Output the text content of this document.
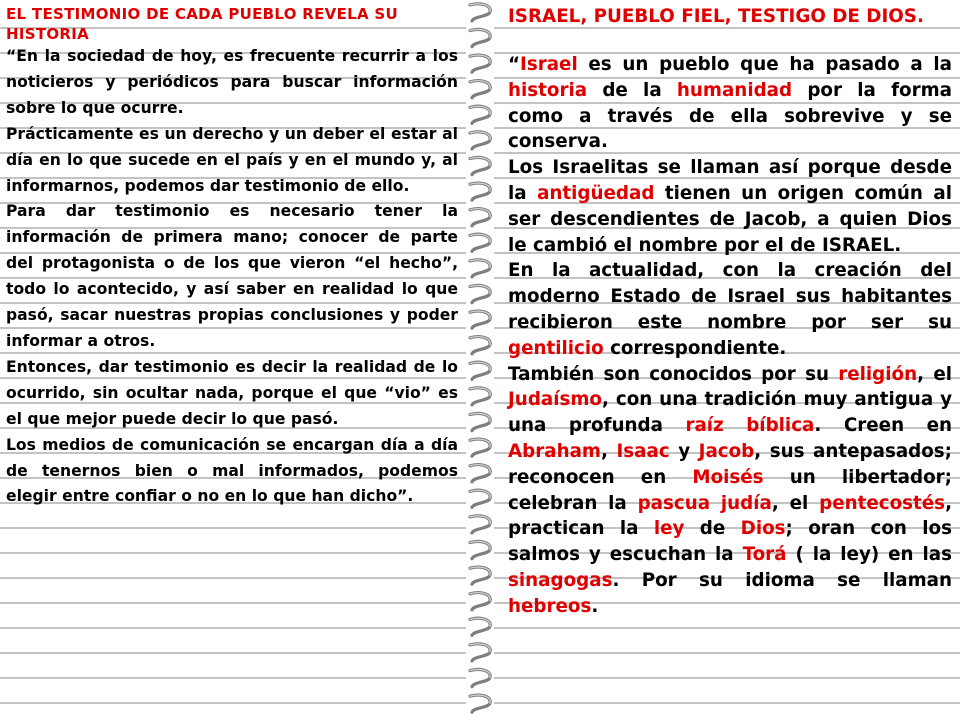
EL TESTIMONIO DE CADA PUEBLO REVELA SU HISTORIA

“En la sociedad de hoy, es frecuente recurrir a los noticieros y periódicos para buscar información sobre lo que ocurre.

Prácticamente es un derecho y un deber el estar al día en lo que sucede en el país y en el mundo y, al informarnos, podemos dar testimonio de ello.

Para dar testimonio es necesario tener la información de primera mano; conocer de parte del protagonista o de los que vieron “el hecho”, todo lo acontecido, y así saber en realidad lo que pasó, sacar nuestras propias conclusiones y poder informar a otros.

Entonces, dar testimonio es decir la realidad de lo ocurrido, sin ocultar nada, porque el que “vio” es el que mejor puede decir lo que pasó.

Los medios de comunicación se encargan día a día de tenernos bien o mal informados, podemos elegir entre confiar o no en lo que han dicho”.

ISRAEL, PUEBLO FIEL, TESTIGO DE DIOS.

“Israel es un pueblo que ha pasado a la historia de la humanidad por la forma como a través de ella sobrevive y se conserva.

Los Israelitas se llaman así porque desde la antigüedad tienen un origen común al ser descendientes de Jacob, a quien Dios le cambió el nombre por el de ISRAEL.

En la actualidad, con la creación del moderno Estado de Israel sus habitantes recibieron este nombre por ser su gentilicio correspondiente.

También son conocidos por su religión, el Judaísmo, con una tradición muy antigua y una profunda raíz bíblica. Creen en Abraham, Isaac y Jacob, sus antepasados; reconocen en Moisés un libertador; celebran la pascua judía, el pentecostés, practican la ley de Dios; oran con los salmos y escuchan la Torá ( la ley) en las sinagogas. Por su idioma se llaman hebreos.
